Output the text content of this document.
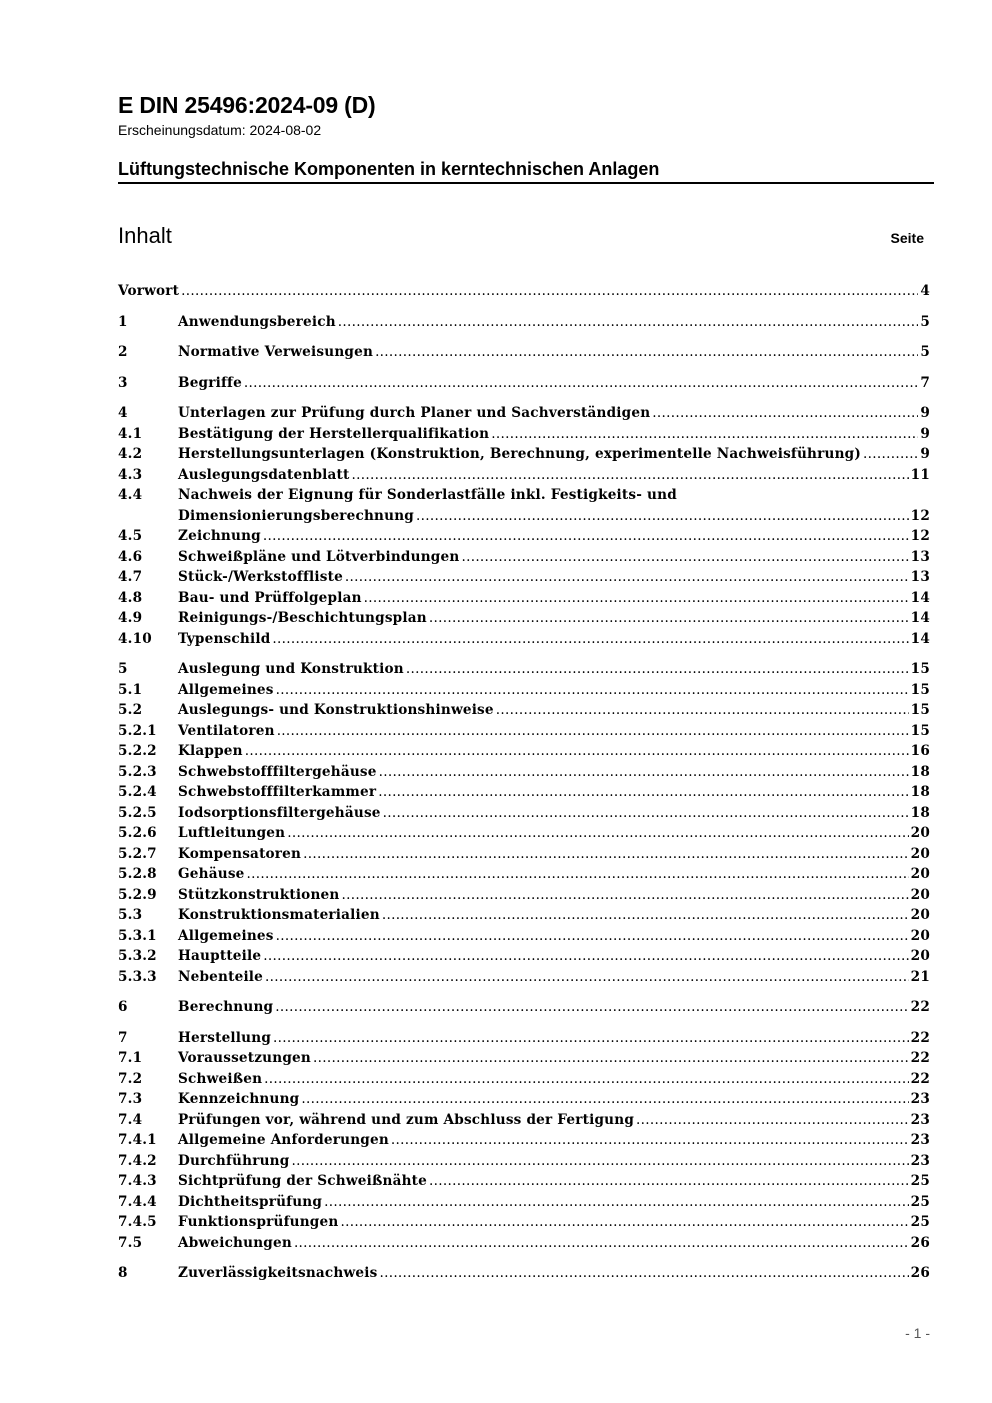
E DIN 25496:2024-09 (D)
Erscheinungsdatum: 2024-08-02
Lüftungstechnische Komponenten in kerntechnischen Anlagen
Inhalt	Seite
Vorwort .....	4
1	Anwendungsbereich .....	5
2	Normative Verweisungen .....	5
3	Begriffe .....	7
4	Unterlagen zur Prüfung durch Planer und Sachverständigen .....	9
4.1	Bestätigung der Herstellerqualifikation .....	9
4.2	Herstellungsunterlagen (Konstruktion, Berechnung, experimentelle Nachweisführung) .....	9
4.3	Auslegungsdatenblatt .....	11
4.4	Nachweis der Eignung für Sonderlastfälle inkl. Festigkeits- und
Dimensionierungsberechnung .....	12
4.5	Zeichnung .....	12
4.6	Schweißpläne und Lötverbindungen .....	13
4.7	Stück-/Werkstoffliste .....	13
4.8	Bau- und Prüffolgeplan .....	14
4.9	Reinigungs-/Beschichtungsplan .....	14
4.10	Typenschild .....	14
5	Auslegung und Konstruktion .....	15
5.1	Allgemeines .....	15
5.2	Auslegungs- und Konstruktionshinweise .....	15
5.2.1	Ventilatoren .....	15
5.2.2	Klappen .....	16
5.2.3	Schwebstofffiltergehäuse .....	18
5.2.4	Schwebstofffilterkammer .....	18
5.2.5	Iodsorptionsfiltergehäuse .....	18
5.2.6	Luftleitungen .....	20
5.2.7	Kompensatoren .....	20
5.2.8	Gehäuse .....	20
5.2.9	Stützkonstruktionen .....	20
5.3	Konstruktionsmaterialien .....	20
5.3.1	Allgemeines .....	20
5.3.2	Hauptteile .....	20
5.3.3	Nebenteile .....	21
6	Berechnung .....	22
7	Herstellung .....	22
7.1	Voraussetzungen .....	22
7.2	Schweißen .....	22
7.3	Kennzeichnung .....	23
7.4	Prüfungen vor, während und zum Abschluss der Fertigung .....	23
7.4.1	Allgemeine Anforderungen .....	23
7.4.2	Durchführung .....	23
7.4.3	Sichtprüfung der Schweißnähte .....	25
7.4.4	Dichtheitsprüfung .....	25
7.4.5	Funktionsprüfungen .....	25
7.5	Abweichungen .....	26
8	Zuverlässigkeitsnachweis .....	26
- 1 -
